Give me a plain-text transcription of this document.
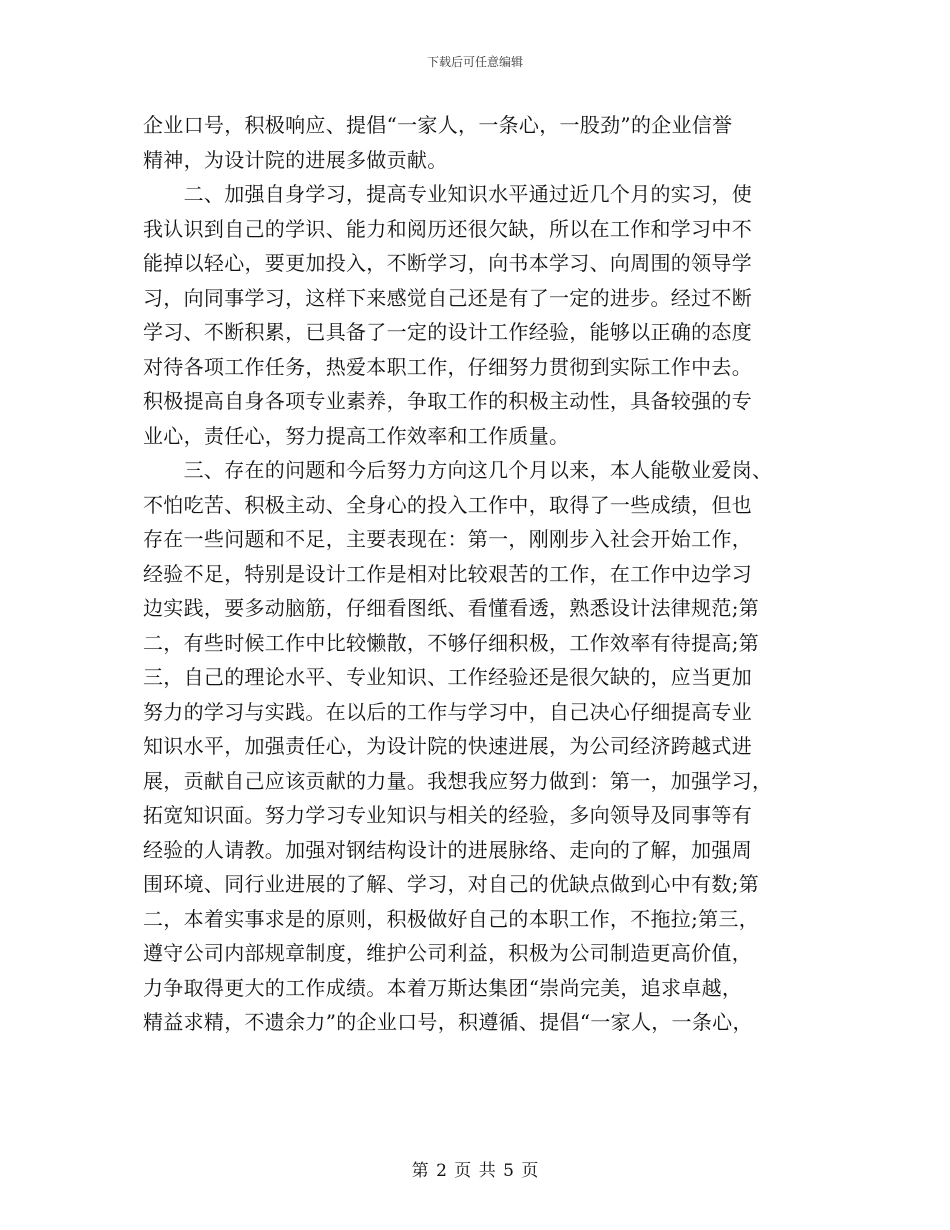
下载后可任意编辑
企业口号，积极响应、提倡“一家人，一条心，一股劲”的企业信誉
精神，为设计院的进展多做贡献。
　　二、加强自身学习，提高专业知识水平通过近几个月的实习，使
我认识到自己的学识、能力和阅历还很欠缺，所以在工作和学习中不
能掉以轻心，要更加投入，不断学习，向书本学习、向周围的领导学
习，向同事学习，这样下来感觉自己还是有了一定的进步。经过不断
学习、不断积累，已具备了一定的设计工作经验，能够以正确的态度
对待各项工作任务，热爱本职工作，仔细努力贯彻到实际工作中去。
积极提高自身各项专业素养，争取工作的积极主动性，具备较强的专
业心，责任心，努力提高工作效率和工作质量。
　　三、存在的问题和今后努力方向这几个月以来，本人能敬业爱岗、
不怕吃苦、积极主动、全身心的投入工作中，取得了一些成绩，但也
存在一些问题和不足，主要表现在：第一，刚刚步入社会开始工作，
经验不足，特别是设计工作是相对比较艰苦的工作，在工作中边学习
边实践，要多动脑筋，仔细看图纸、看懂看透，熟悉设计法律规范;第
二，有些时候工作中比较懒散，不够仔细积极，工作效率有待提高;第
三，自己的理论水平、专业知识、工作经验还是很欠缺的，应当更加
努力的学习与实践。在以后的工作与学习中，自己决心仔细提高专业
知识水平，加强责任心，为设计院的快速进展，为公司经济跨越式进
展，贡献自己应该贡献的力量。我想我应努力做到：第一，加强学习，
拓宽知识面。努力学习专业知识与相关的经验，多向领导及同事等有
经验的人请教。加强对钢结构设计的进展脉络、走向的了解，加强周
围环境、同行业进展的了解、学习，对自己的优缺点做到心中有数;第
二，本着实事求是的原则，积极做好自己的本职工作，不拖拉;第三，
遵守公司内部规章制度，维护公司利益，积极为公司制造更高价值，
力争取得更大的工作成绩。本着万斯达集团“崇尚完美，追求卓越，
精益求精，不遗余力”的企业口号，积遵循、提倡“一家人，一条心，
第 2 页 共 5 页
